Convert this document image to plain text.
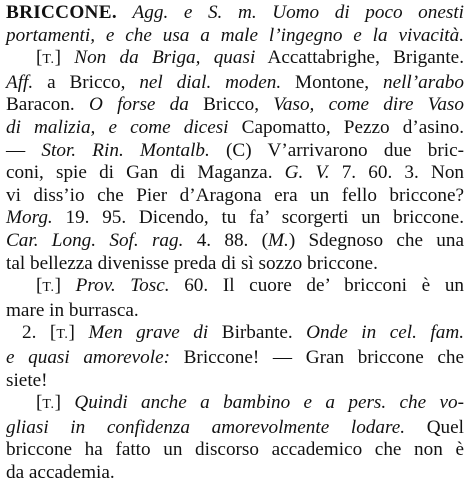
BRICCONE. Agg. e S. m. Uomo di poco onesti
portamenti, e che usa a male l’ingegno e la vivacità.
[T.] Non da Briga, quasi Accattabrighe, Brigante.
Aff. a Bricco, nel dial. moden. Montone, nell’arabo
Baracon. O forse da Bricco, Vaso, come dire Vaso
di malizia, e come dicesi Capomatto, Pezzo d’asino.
— Stor. Rin. Montalb. (C) V’arrivarono due bric-
coni, spie di Gan di Maganza. G. V. 7. 60. 3. Non
vi diss’io che Pier d’Aragona era un fello briccone?
Morg. 19. 95. Dicendo, tu fa’ scorgerti un briccone.
Car. Long. Sof. rag. 4. 88. (M.) Sdegnoso che una
tal bellezza divenisse preda di sì sozzo briccone.
[T.] Prov. Tosc. 60. Il cuore de’ bricconi è un
mare in burrasca.
2. [T.] Men grave di Birbante. Onde in cel. fam.
e quasi amorevole: Briccone! — Gran briccone che
siete!
[T.] Quindi anche a bambino e a pers. che vo-
gliasi in confidenza amorevolmente lodare. Quel
briccone ha fatto un discorso accademico che non è
da accademia.
